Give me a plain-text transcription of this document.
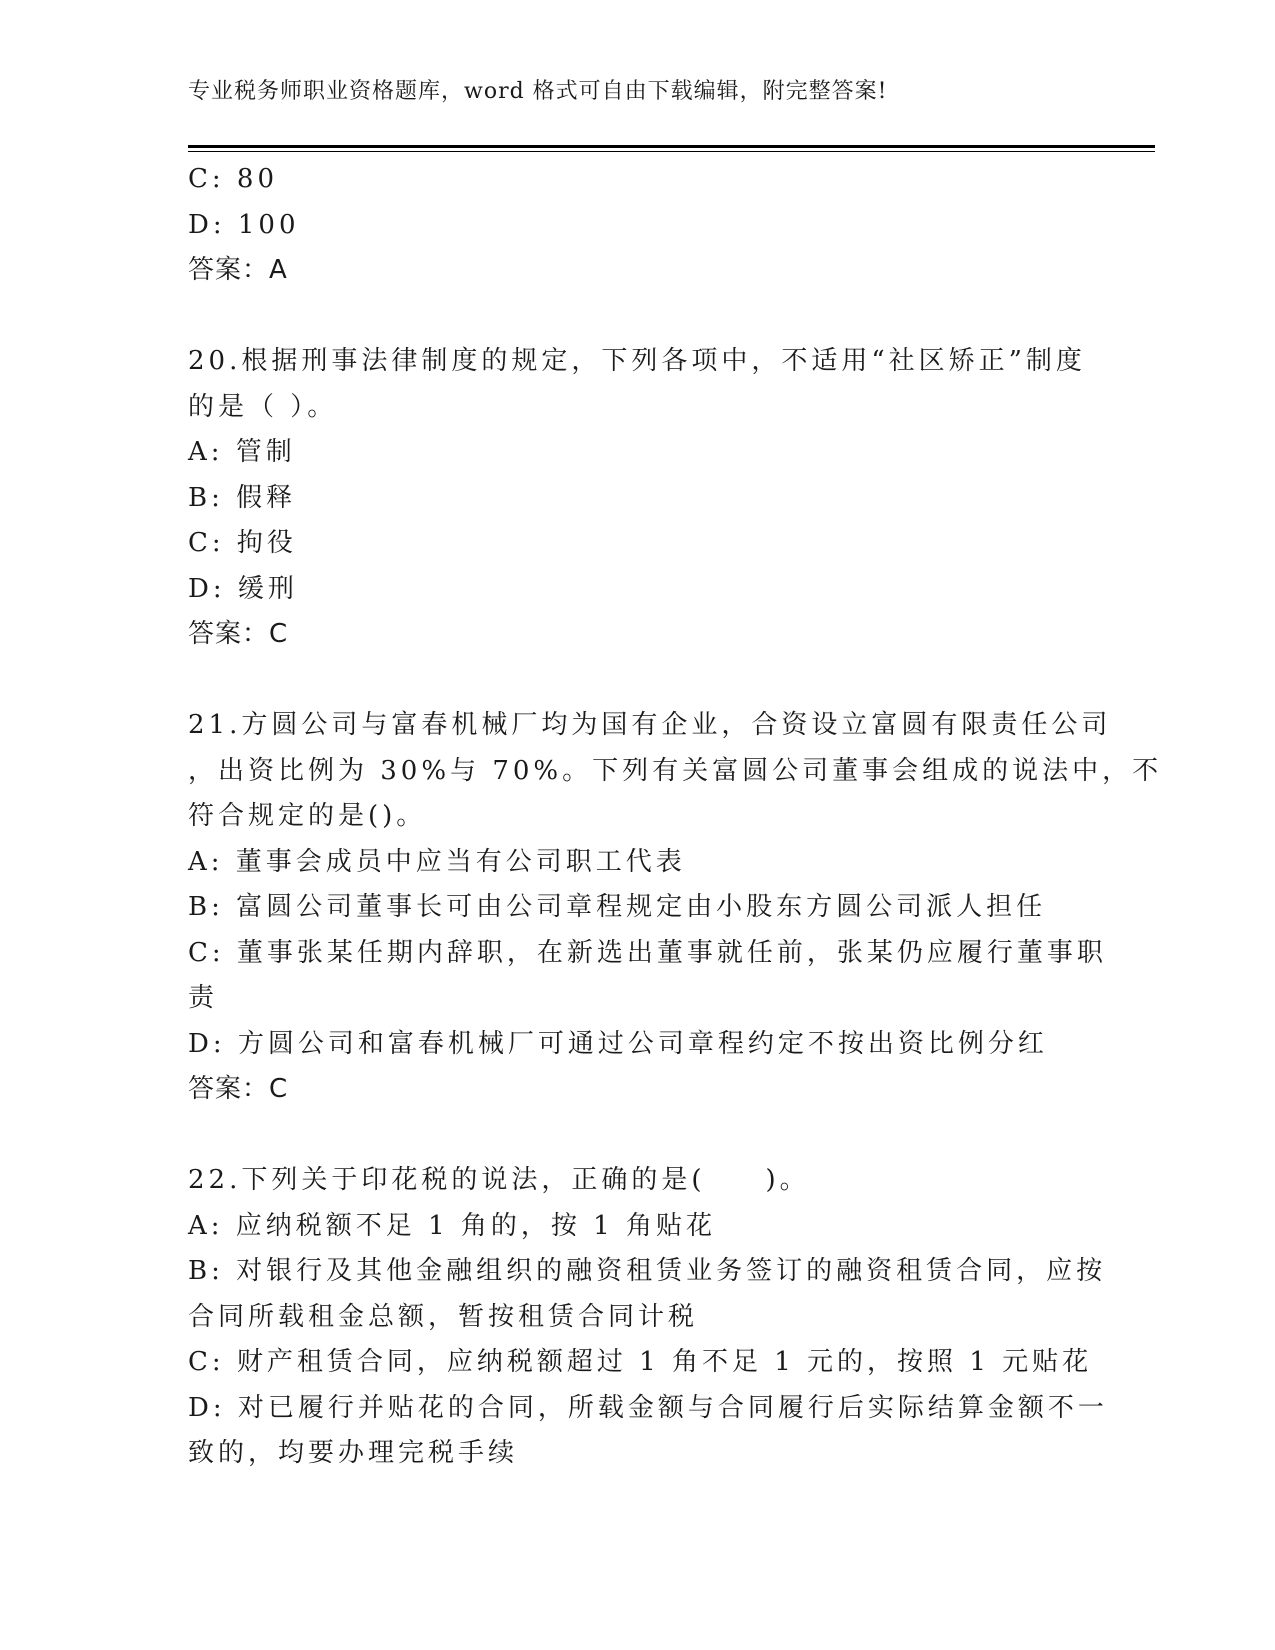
专业税务师职业资格题库，word 格式可自由下载编辑，附完整答案!
C: 80
D: 100
答案：A
20.根据刑事法律制度的规定，下列各项中，不适用“社区矫正”制度
的是（ ）。
A: 管制
B: 假释
C: 拘役
D: 缓刑
答案：C
21.方圆公司与富春机械厂均为国有企业，合资设立富圆有限责任公司
，出资比例为 30%与 70%。下列有关富圆公司董事会组成的说法中，不
符合规定的是()。
A: 董事会成员中应当有公司职工代表
B: 富圆公司董事长可由公司章程规定由小股东方圆公司派人担任
C: 董事张某任期内辞职，在新选出董事就任前，张某仍应履行董事职
责
D: 方圆公司和富春机械厂可通过公司章程约定不按出资比例分红
答案：C
22.下列关于印花税的说法，正确的是(　　)。
A: 应纳税额不足 1 角的，按 1 角贴花
B: 对银行及其他金融组织的融资租赁业务签订的融资租赁合同，应按
合同所载租金总额，暂按租赁合同计税
C: 财产租赁合同，应纳税额超过 1 角不足 1 元的，按照 1 元贴花
D: 对已履行并贴花的合同，所载金额与合同履行后实际结算金额不一
致的，均要办理完税手续
